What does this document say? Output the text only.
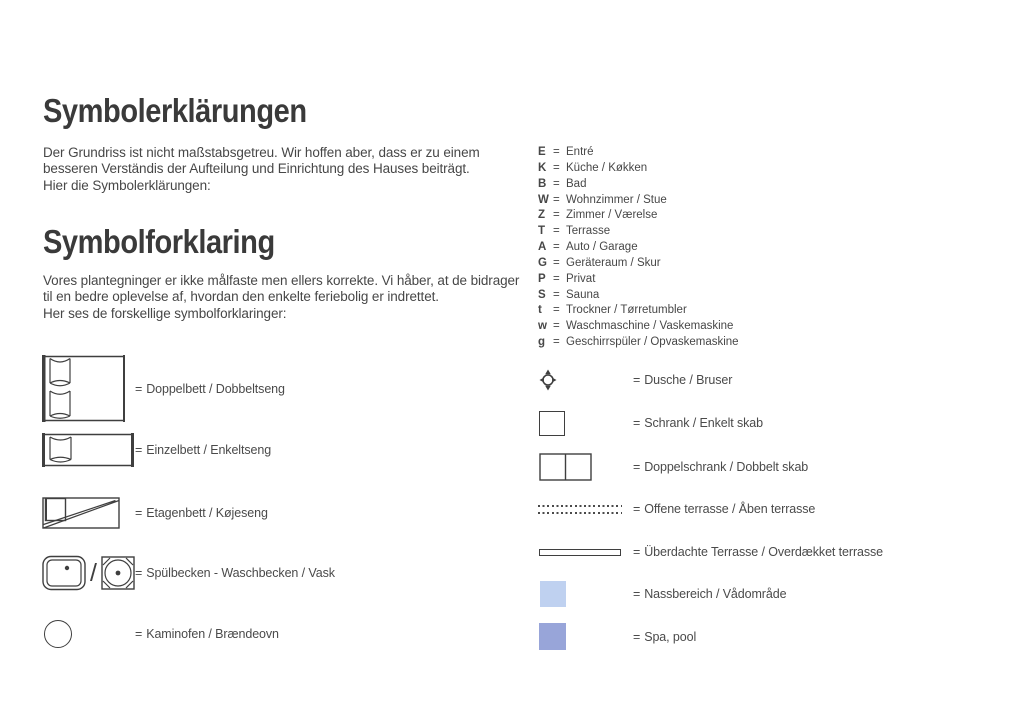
Symbolerklärungen
Der Grundriss ist nicht maßstabsgetreu. Wir hoffen aber, dass er zu einem
besseren Verständis der Aufteilung und Einrichtung des Hauses beiträgt.
Hier die Symbolerklärungen:
Symbolforklaring
Vores plantegninger er ikke målfaste men ellers korrekte. Vi håber, at de bidrager
til en bedre oplevelse af, hvordan den enkelte feriebolig er indrettet.
Her ses de forskellige symbolforklaringer:
E = Entré
K = Küche / Køkken
B = Bad
W = Wohnzimmer / Stue
Z = Zimmer / Værelse
T = Terrasse
A = Auto / Garage
G = Geräteraum / Skur
P = Privat
S = Sauna
t = Trockner / Tørretumbler
w = Waschmaschine / Vaskemaskine
g = Geschirrspüler / Opvaskemaskine
= Doppelbett / Dobbeltseng
= Einzelbett / Enkeltseng
= Etagenbett / Køjeseng
/	= Spülbecken - Waschbecken / Vask
= Kaminofen / Brændeovn
= Dusche / Bruser
= Schrank / Enkelt skab
= Doppelschrank / Dobbelt skab
= Offene terrasse / Åben terrasse
= Überdachte Terrasse / Overdækket terrasse
= Nassbereich / Vådområde
= Spa, pool
